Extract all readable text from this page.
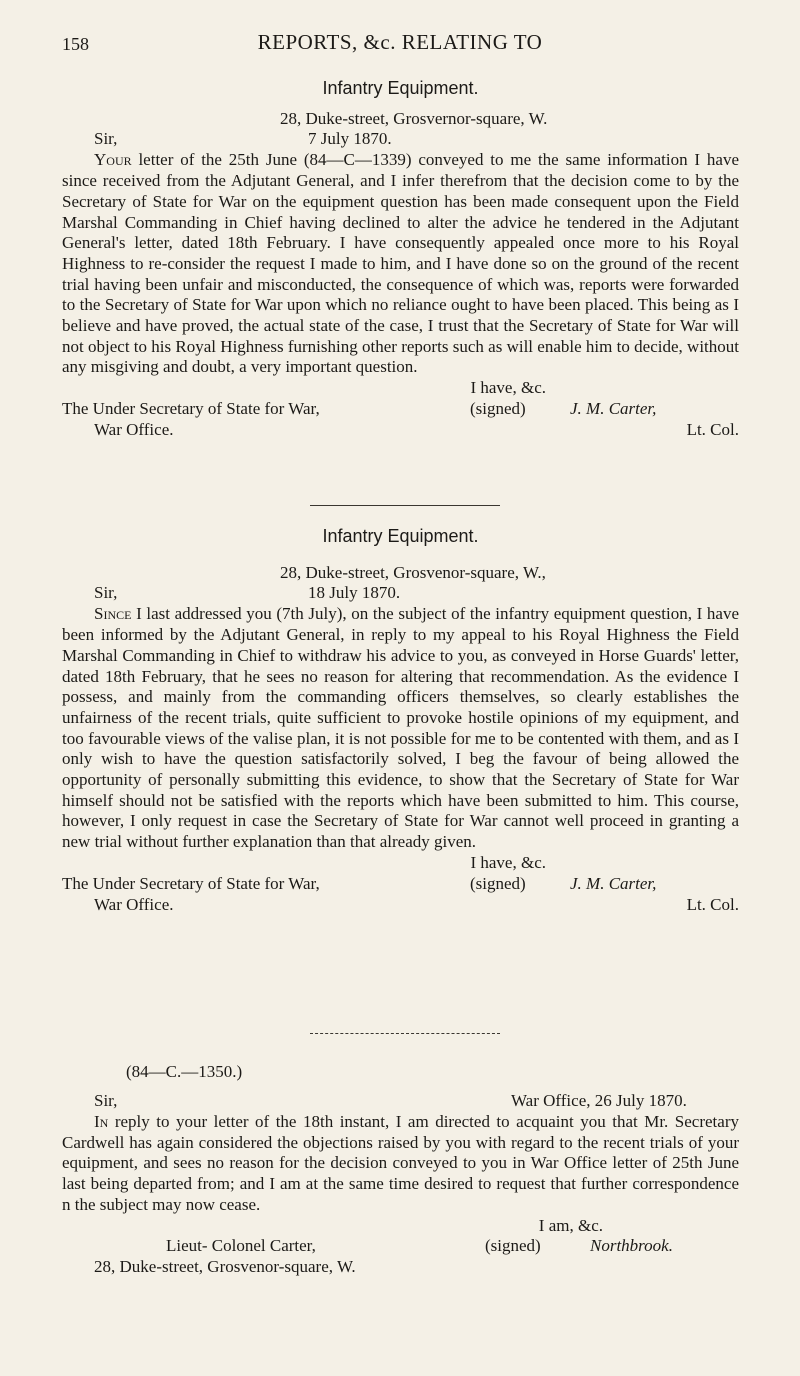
158	REPORTS, &c. RELATING TO
Infantry Equipment.
28, Duke-street, Grosvernor-square, W.
Sir,	7 July 1870.

Your letter of the 25th June (84—C—1339) conveyed to me the same information I have since received from the Adjutant General, and I infer therefrom that the decision come to by the Secretary of State for War on the equipment question has been made consequent upon the Field Marshal Commanding in Chief having declined to alter the advice he tendered in the Adjutant General's letter, dated 18th February. I have consequently appealed once more to his Royal Highness to re-consider the request I made to him, and I have done so on the ground of the recent trial having been unfair and misconducted, the consequence of which was, reports were forwarded to the Secretary of State for War upon which no reliance ought to have been placed. This being as I believe and have proved, the actual state of the case, I trust that the Secretary of State for War will not object to his Royal Highness furnishing other reports such as will enable him to decide, without any misgiving and doubt, a very important question.

I have, &c.
The Under Secretary of State for War,	(signed)	J. M. Carter,
War Office.	Lt. Col.
Infantry Equipment.
28, Duke-street, Grosvenor-square, W.,
Sir,	18 July 1870.

Since I last addressed you (7th July), on the subject of the infantry equipment question, I have been informed by the Adjutant General, in reply to my appeal to his Royal Highness the Field Marshal Commanding in Chief to withdraw his advice to you, as conveyed in Horse Guards' letter, dated 18th February, that he sees no reason for altering that recommendation. As the evidence I possess, and mainly from the commanding officers themselves, so clearly establishes the unfairness of the recent trials, quite sufficient to provoke hostile opinions of my equipment, and too favourable views of the valise plan, it is not possible for me to be contented with them, and as I only wish to have the question satisfactorily solved, I beg the favour of being allowed the opportunity of personally submitting this evidence, to show that the Secretary of State for War himself should not be satisfied with the reports which have been submitted to him. This course, however, I only request in case the Secretary of State for War cannot well proceed in granting a new trial without further explanation than that already given.

I have, &c.
The Under Secretary of State for War,	(signed)	J. M. Carter,
War Office.	Lt. Col.
(84—C.—1350.)
Sir,	War Office, 26 July 1870.

In reply to your letter of the 18th instant, I am directed to acquaint you that Mr. Secretary Cardwell has again considered the objections raised by you with regard to the recent trials of your equipment, and sees no reason for the decision conveyed to you in War Office letter of 25th June last being departed from; and I am at the same time desired to request that further correspondence n the subject may now cease.

I am, &c.
Lieut- Colonel Carter,	(signed)	Northbrook.
28, Duke-street, Grosvenor-square, W.
